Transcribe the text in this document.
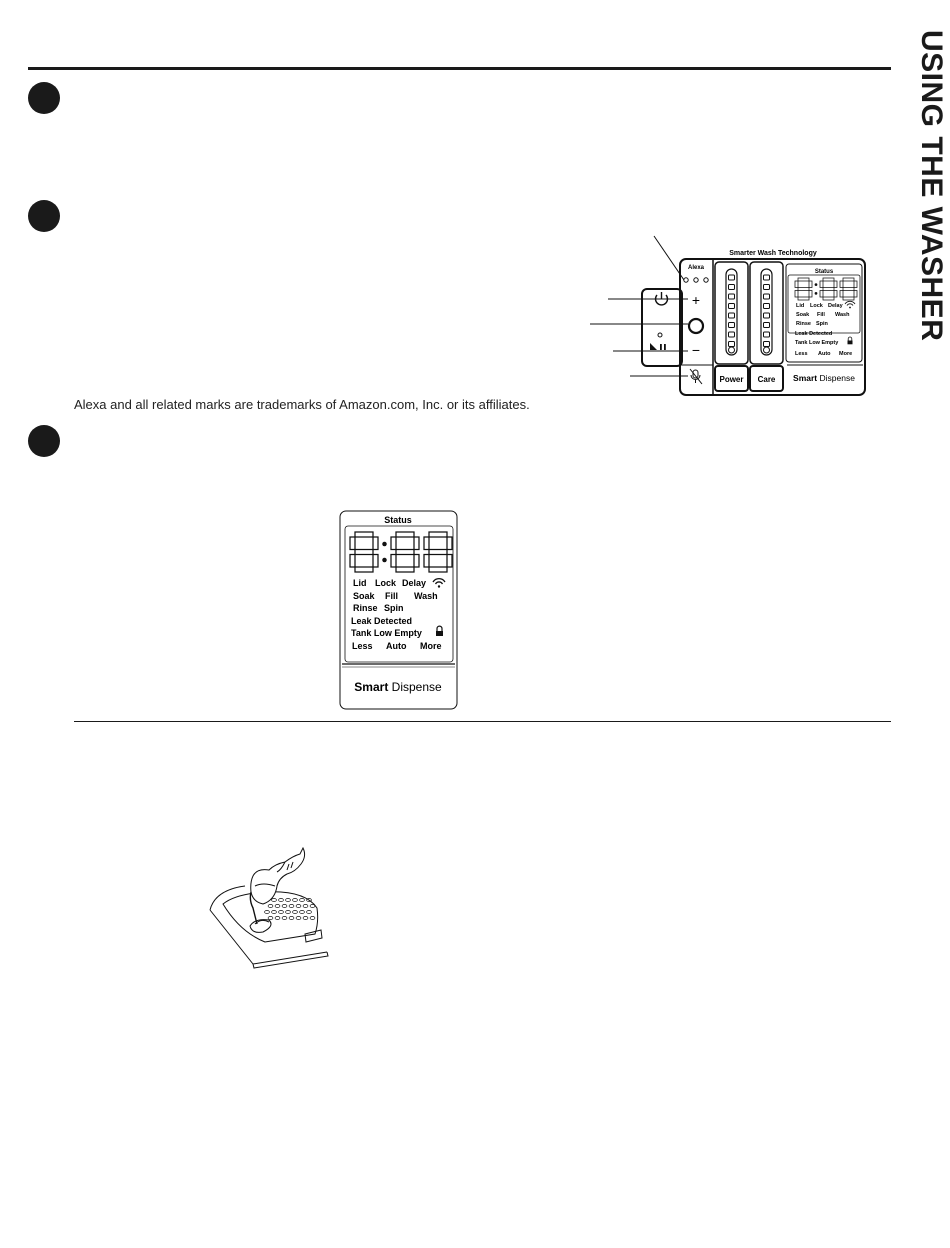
USING THE WASHER
Alexa and all related marks are trademarks of Amazon.com, Inc. or its affiliates.
Smarter Wash Technology
Alexa
+
−
Power Care
Status
Lid Lock Delay
Soak Fill Wash
Rinse Spin
Leak Detected
Tank Low Empty
Less Auto More
Smart Dispense
Status
Lid Lock Delay
Soak Fill Wash
Rinse Spin
Leak Detected
Tank Low Empty
Less Auto More
Smart Dispense
